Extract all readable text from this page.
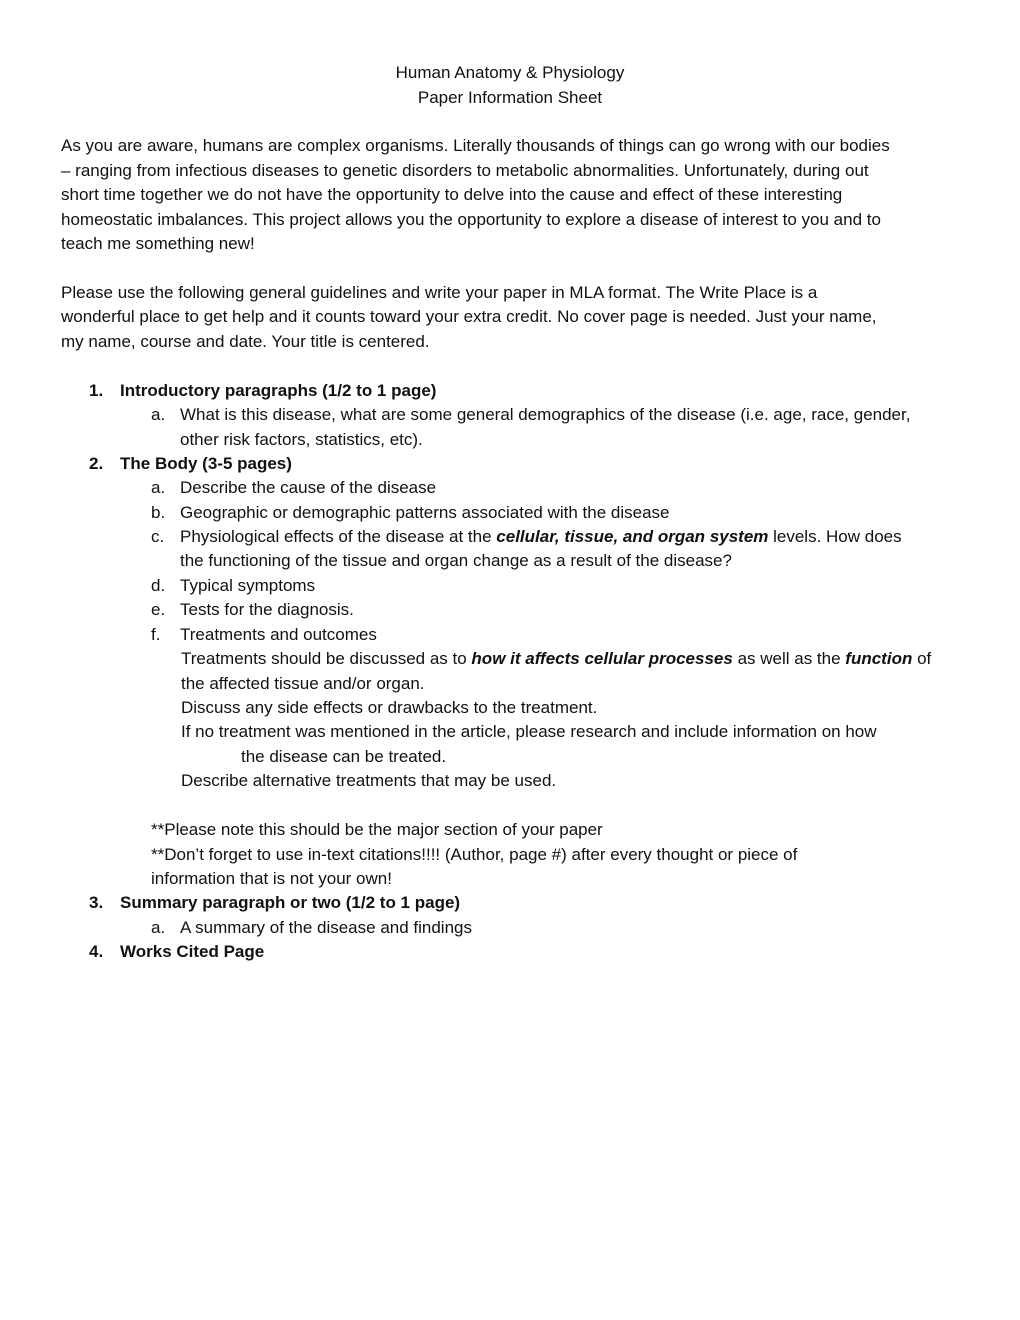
Human Anatomy & Physiology
Paper Information Sheet
As you are aware, humans are complex organisms. Literally thousands of things can go wrong with our bodies
– ranging from infectious diseases to genetic disorders to metabolic abnormalities. Unfortunately, during out
short time together we do not have the opportunity to delve into the cause and effect of these interesting
homeostatic imbalances. This project allows you the opportunity to explore a disease of interest to you and to
teach me something new!
Please use the following general guidelines and write your paper in MLA format. The Write Place is a
wonderful place to get help and it counts toward your extra credit. No cover page is needed. Just your name,
my name, course and date. Your title is centered.
1. Introductory paragraphs (1/2 to 1 page)
a. What is this disease, what are some general demographics of the disease (i.e. age, race, gender,
other risk factors, statistics, etc).
2. The Body (3-5 pages)
a. Describe the cause of the disease
b. Geographic or demographic patterns associated with the disease
c. Physiological effects of the disease at the cellular, tissue, and organ system levels. How does
the functioning of the tissue and organ change as a result of the disease?
d. Typical symptoms
e. Tests for the diagnosis.
f. Treatments and outcomes
Treatments should be discussed as to how it affects cellular processes as well as the function of
the affected tissue and/or organ.
Discuss any side effects or drawbacks to the treatment.
If no treatment was mentioned in the article, please research and include information on how
the disease can be treated.
Describe alternative treatments that may be used.
**Please note this should be the major section of your paper
**Don’t forget to use in-text citations!!!! (Author, page #) after every thought or piece of
information that is not your own!
3. Summary paragraph or two (1/2 to 1 page)
a. A summary of the disease and findings
4. Works Cited Page
